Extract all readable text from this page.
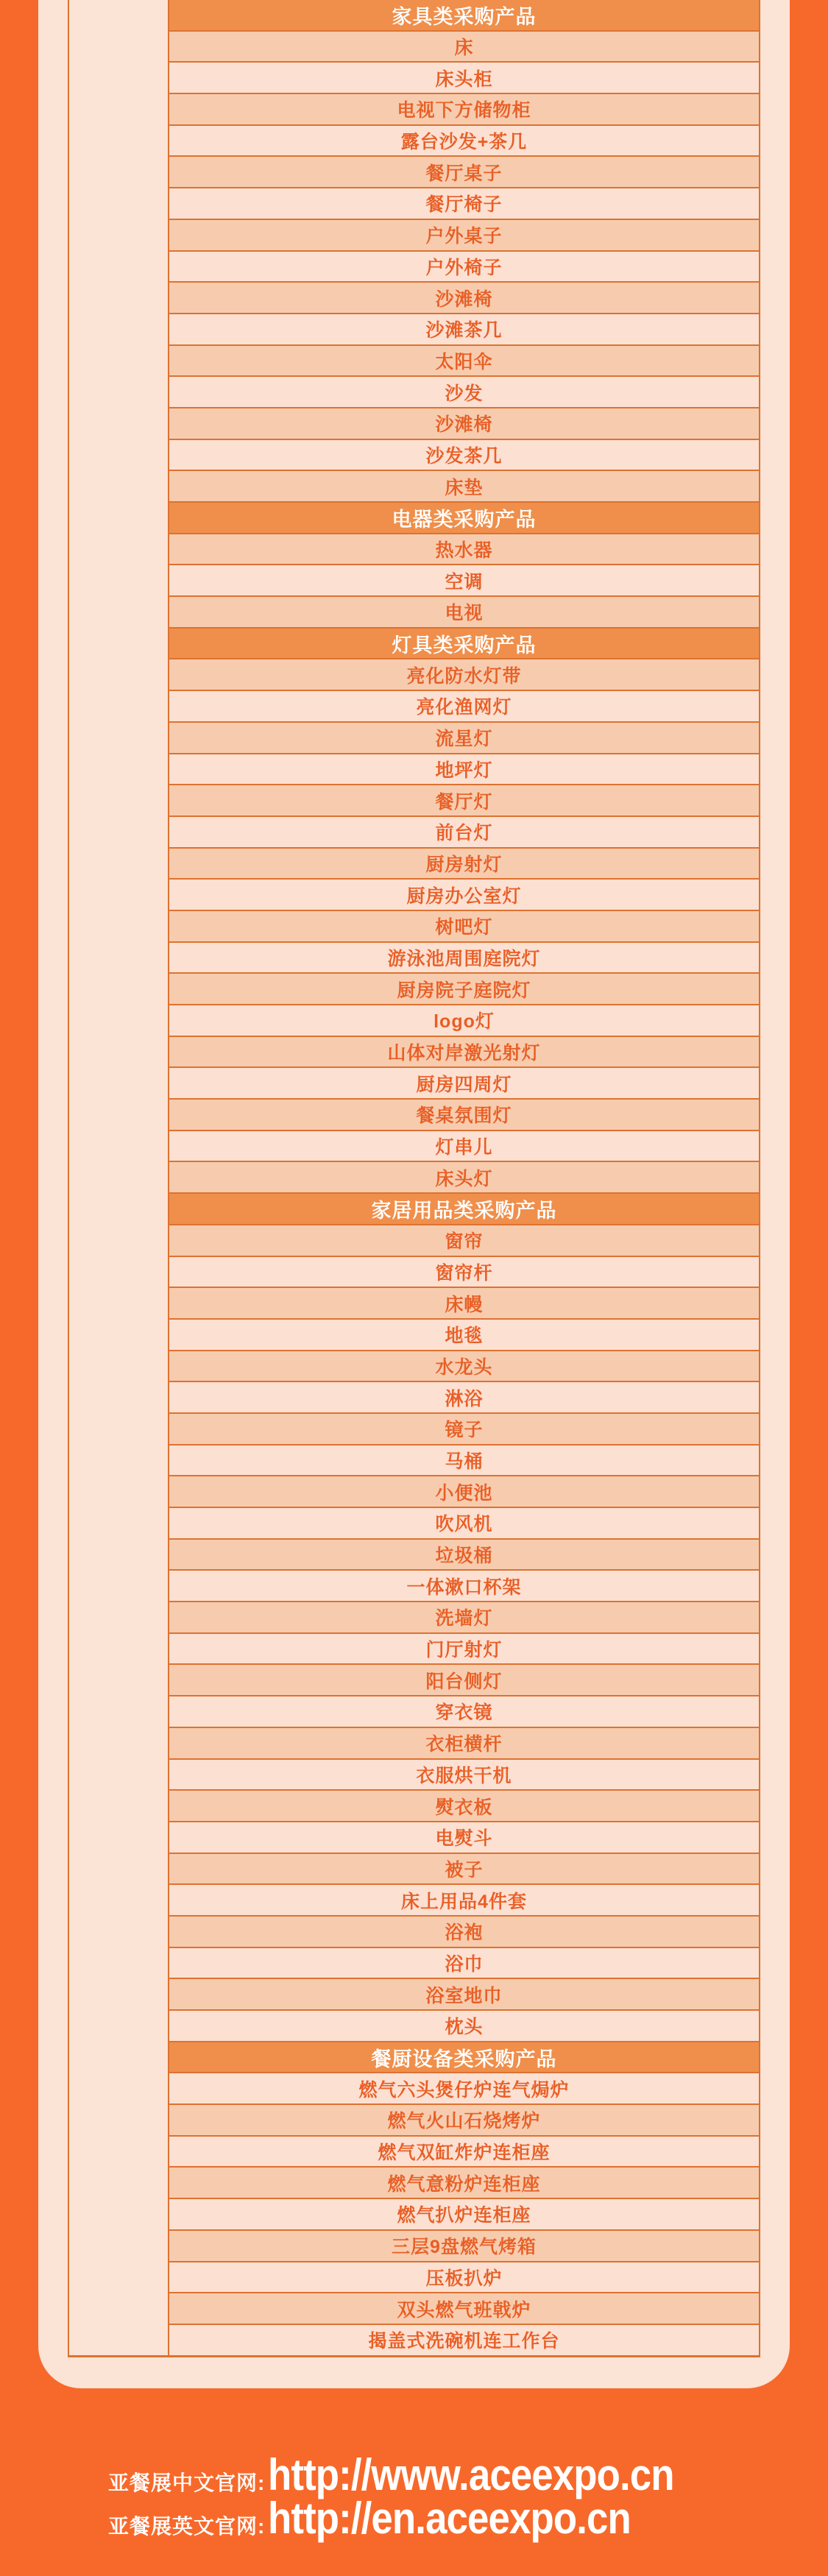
家具类采购产品
床
床头柜
电视下方储物柜
露台沙发+茶几
餐厅桌子
餐厅椅子
户外桌子
户外椅子
沙滩椅
沙滩茶几
太阳伞
沙发
沙滩椅
沙发茶几
床垫
电器类采购产品
热水器
空调
电视
灯具类采购产品
亮化防水灯带
亮化渔网灯
流星灯
地坪灯
餐厅灯
前台灯
厨房射灯
厨房办公室灯
树吧灯
游泳池周围庭院灯
厨房院子庭院灯
logo灯
山体对岸激光射灯
厨房四周灯
餐桌氛围灯
灯串儿
床头灯
家居用品类采购产品
窗帘
窗帘杆
床幔
地毯
水龙头
淋浴
镜子
马桶
小便池
吹风机
垃圾桶
一体漱口杯架
洗墙灯
门厅射灯
阳台侧灯
穿衣镜
衣柜横杆
衣服烘干机
熨衣板
电熨斗
被子
床上用品4件套
浴袍
浴巾
浴室地巾
枕头
餐厨设备类采购产品
燃气六头煲仔炉连气焗炉
燃气火山石烧烤炉
燃气双缸炸炉连柜座
燃气意粉炉连柜座
燃气扒炉连柜座
三层9盘燃气烤箱
压板扒炉
双头燃气班戟炉
揭盖式洗碗机连工作台
亚餐展中文官网: http://www.aceexpo.cn
亚餐展英文官网: http://en.aceexpo.cn
